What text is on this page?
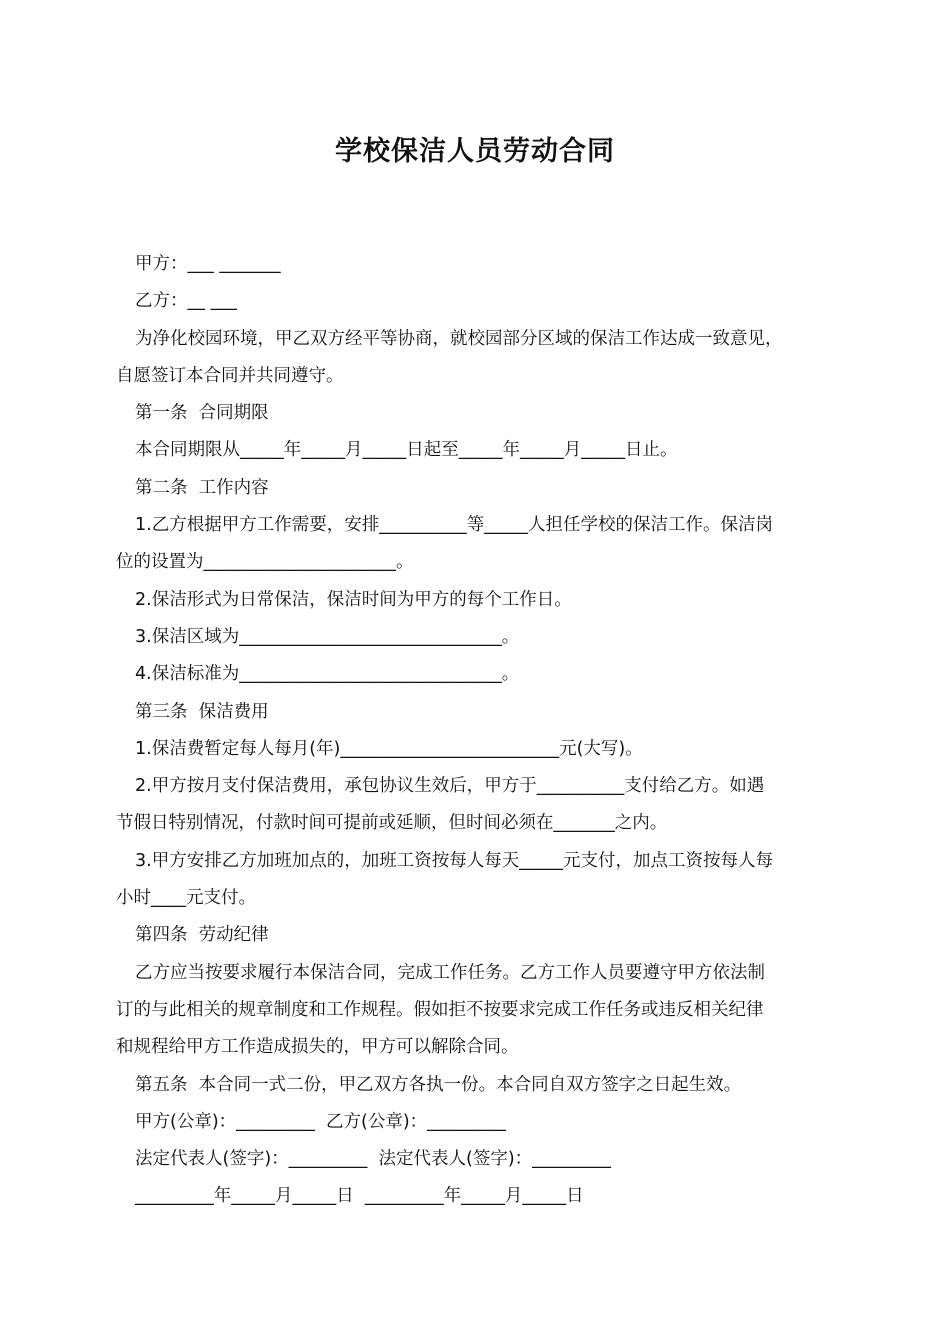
学校保洁人员劳动合同
甲方：___ _______
乙方：__ ___
为净化校园环境，甲乙双方经平等协商，就校园部分区域的保洁工作达成一致意见，
自愿签订本合同并共同遵守。
第一条  合同期限
本合同期限从_____年_____月_____日起至_____年_____月_____日止。
第二条  工作内容
1.乙方根据甲方工作需要，安排__________等_____人担任学校的保洁工作。保洁岗
位的设置为______________________。
2.保洁形式为日常保洁，保洁时间为甲方的每个工作日。
3.保洁区域为______________________________。
4.保洁标准为______________________________。
第三条  保洁费用
1.保洁费暂定每人每月(年)_________________________元(大写)。
2.甲方按月支付保洁费用，承包协议生效后，甲方于__________支付给乙方。如遇
节假日特别情况，付款时间可提前或延顺，但时间必须在_______之内。
3.甲方安排乙方加班加点的，加班工资按每人每天_____元支付，加点工资按每人每
小时____元支付。
第四条  劳动纪律
乙方应当按要求履行本保洁合同，完成工作任务。乙方工作人员要遵守甲方依法制
订的与此相关的规章制度和工作规程。假如拒不按要求完成工作任务或违反相关纪律
和规程给甲方工作造成损失的，甲方可以解除合同。
第五条  本合同一式二份，甲乙双方各执一份。本合同自双方签字之日起生效。
甲方(公章)：_________  乙方(公章)：_________
法定代表人(签字)：_________  法定代表人(签字)：_________
_________年_____月_____日  _________年_____月_____日
